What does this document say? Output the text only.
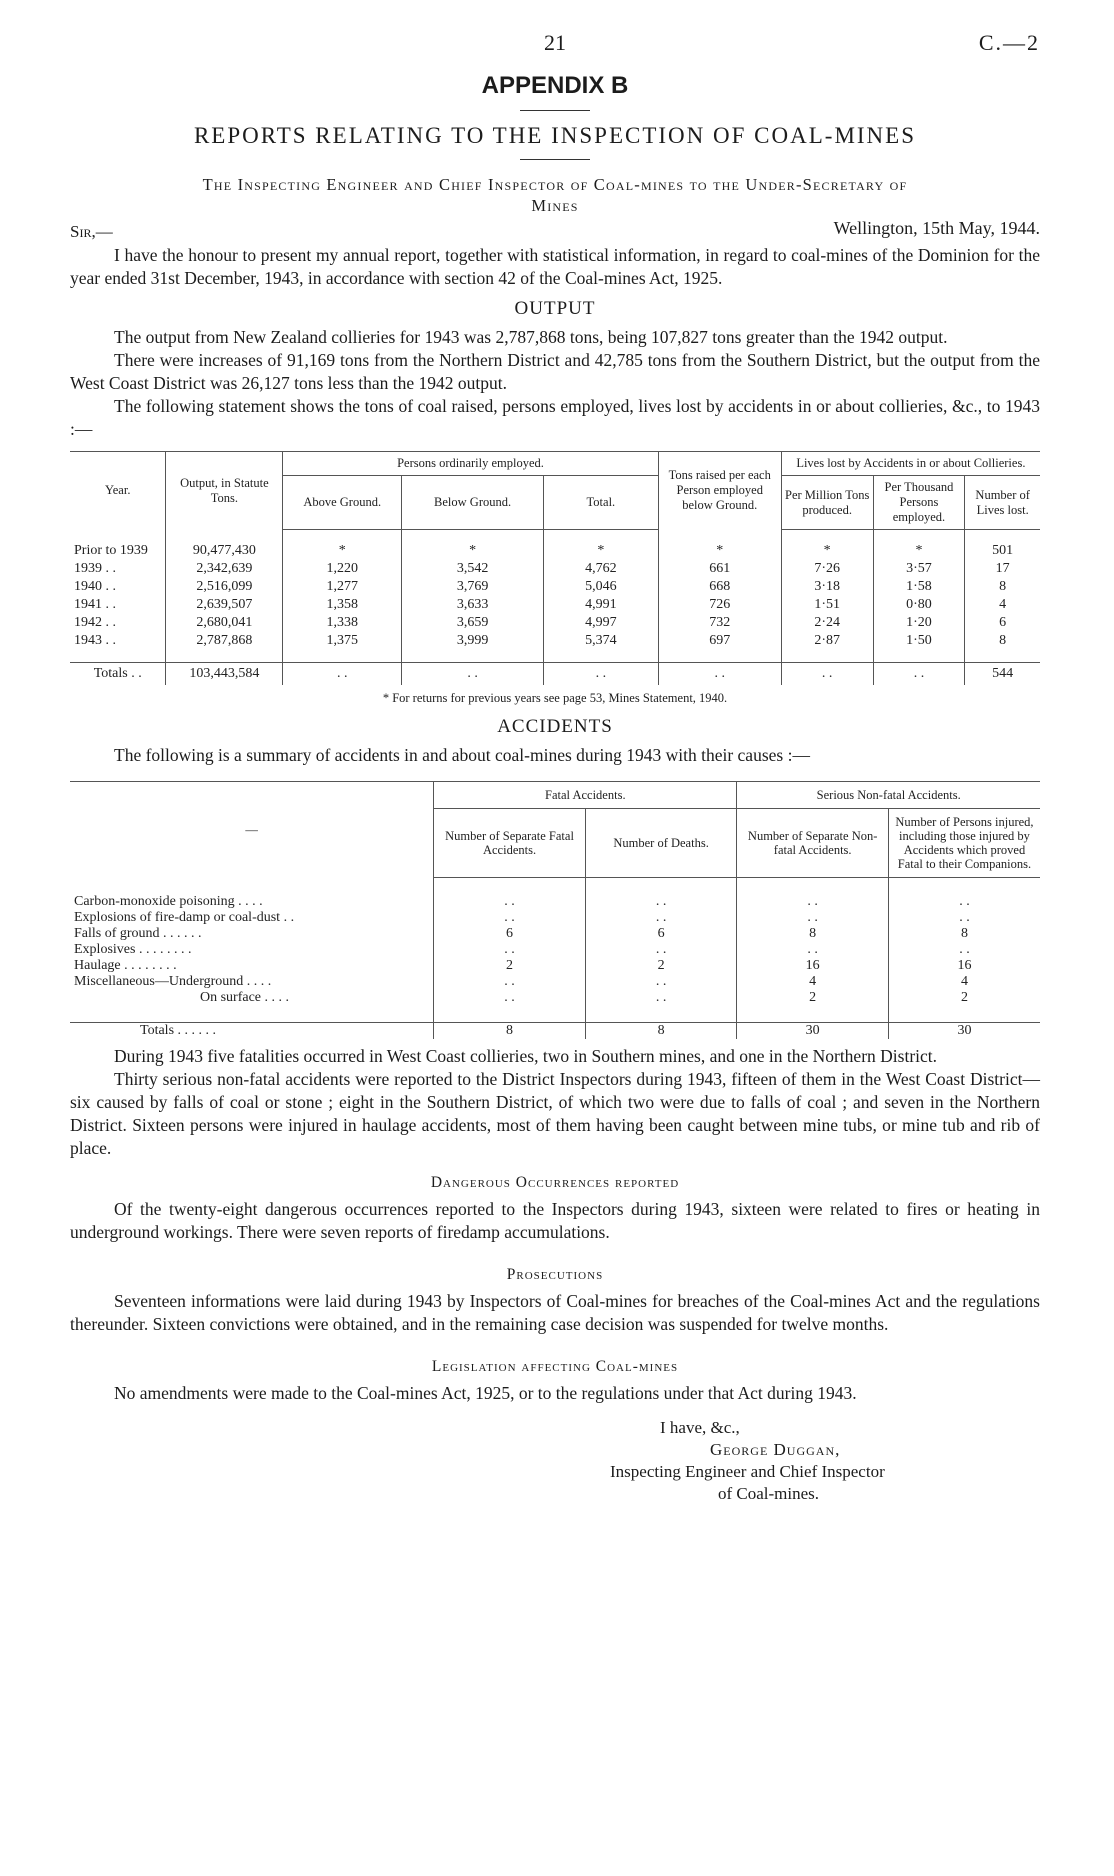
21	C.—2
APPENDIX B
REPORTS RELATING TO THE INSPECTION OF COAL-MINES
The Inspecting Engineer and Chief Inspector of Coal-mines to the Under-Secretary of
Mines
Sir,—	Wellington, 15th May, 1944.

I have the honour to present my annual report, together with statistical information, in regard to coal-mines of the Dominion for the year ended 31st December, 1943, in accordance with section 42 of the Coal-mines Act, 1925.

OUTPUT

The output from New Zealand collieries for 1943 was 2,787,868 tons, being 107,827 tons greater than the 1942 output.

There were increases of 91,169 tons from the Northern District and 42,785 tons from the Southern District, but the output from the West Coast District was 26,127 tons less than the 1942 output.

The following statement shows the tons of coal raised, persons employed, lives lost by accidents in or about collieries, &c., to 1943 :—

Year.	Output, in Statute Tons.	Persons ordinarily employed.			Tons raised per each Person employed below Ground.	Lives lost by Accidents in or about Collieries.		
		Above Ground.	Below Ground.	Total.		Per Million Tons produced.	Per Thousand Persons employed.	Number of Lives lost.

Prior to 1939	90,477,430	*	*	*	*	*	*	501
1939 . .	2,342,639	1,220	3,542	4,762	661	7·26	3·57	17
1940 . .	2,516,099	1,277	3,769	5,046	668	3·18	1·58	8
1941 . .	2,639,507	1,358	3,633	4,991	726	1·51	0·80	4
1942 . .	2,680,041	1,338	3,659	4,997	732	2·24	1·20	6
1943 . .	2,787,868	1,375	3,999	5,374	697	2·87	1·50	8

Totals . .	103,443,584	. .	. .	. .	. .	. .	. .	544
* For returns for previous years see page 53, Mines Statement, 1940.
ACCIDENTS

The following is a summary of accidents in and about coal-mines during 1943 with their causes :—

—	Fatal Accidents.		Serious Non-fatal Accidents.	
	Number of Separate Fatal Accidents.	Number of Deaths.	Number of Separate Non-fatal Accidents.	Number of Persons injured, including those injured by Accidents which proved Fatal to their Companions.

Carbon-monoxide poisoning . . . .	. .	. .	. .	. .
Explosions of fire-damp or coal-dust . .	. .	. .	. .	. .
Falls of ground . . . . . .	6	6	8	8
Explosives . . . . . . . .	. .	. .	. .	. .
Haulage . . . . . . . .	2	2	16	16
Miscellaneous—Underground . . . .	. .	. .	4	4
On surface . . . .	. .	. .	2	2

Totals . . . . . .	8	8	30	30

During 1943 five fatalities occurred in West Coast collieries, two in Southern mines, and one in the Northern District.

Thirty serious non-fatal accidents were reported to the District Inspectors during 1943, fifteen of them in the West Coast District—six caused by falls of coal or stone ; eight in the Southern District, of which two were due to falls of coal ; and seven in the Northern District. Sixteen persons were injured in haulage accidents, most of them having been caught between mine tubs, or mine tub and rib of place.

Dangerous Occurrences reported

Of the twenty-eight dangerous occurrences reported to the Inspectors during 1943, sixteen were related to fires or heating in underground workings. There were seven reports of firedamp accumulations.

Prosecutions

Seventeen informations were laid during 1943 by Inspectors of Coal-mines for breaches of the Coal-mines Act and the regulations thereunder. Sixteen convictions were obtained, and in the remaining case decision was suspended for twelve months.

Legislation affecting Coal-mines

No amendments were made to the Coal-mines Act, 1925, or to the regulations under that Act during 1943.

I have, &c.,
George Duggan,
Inspecting Engineer and Chief Inspector
of Coal-mines.
